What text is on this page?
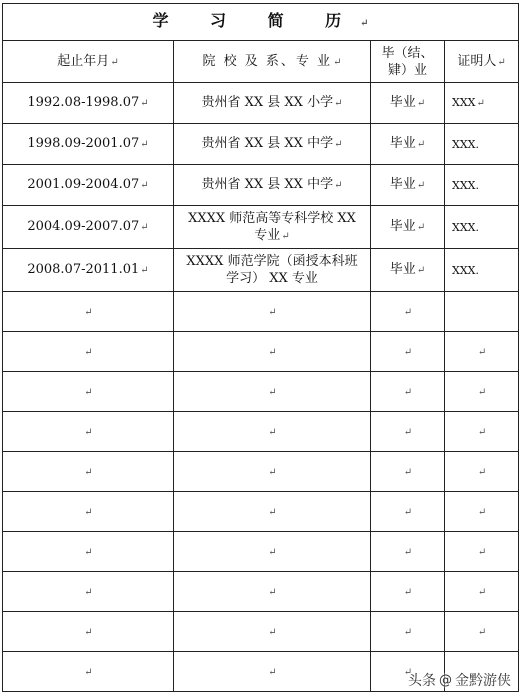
学 习 简 历↵			
起止年月↵	院 校 及 系、专 业↵	毕（结、肄）业	证明人↵
1992.08-1998.07↵	贵州省 XX 县 XX 小学↵	毕业↵	XXX↵
1998.09-2001.07↵	贵州省 XX 县 XX 中学↵	毕业↵	XXX.
2001.09-2004.07↵	贵州省 XX 县 XX 中学↵	毕业↵	XXX.
2004.09-2007.07↵	XXXX 师范高等专科学校 XX 专业↵	毕业↵	XXX.
2008.07-2011.01↵	XXXX 师范学院（函授本科班学习） XX 专业	毕业↵	XXX.
↵	↵	↵	
↵	↵	↵	↵
↵	↵	↵	↵
↵	↵	↵	↵
↵	↵	↵	↵
↵	↵	↵	↵
↵	↵	↵	↵
↵	↵	↵	↵
↵	↵	↵	↵
↵	↵	↵	
头条 @ 金黔游侠
